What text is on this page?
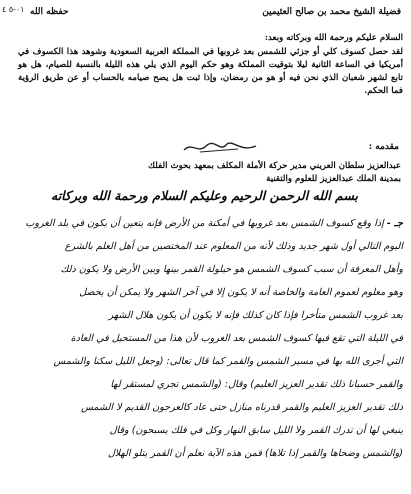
فضيلة الشيخ محمد بن صالح العثيمين
حفظه الله
٠١-٥ ٤

السلام عليكم ورحمة الله وبركاته وبعد:

لقد حصل كسوف كلي أو جزئي للشمس بعد غروبها في المملكة العربية السعودية وشوهد هذا الكسوف في أمريكيا في الساعة الثانية ليلا بتوقيت المملكة وهو حكم اليوم الذي يلي هذه الليلة بالنسبة للصيام، هل هو تابع لشهر شعبان الذي نحن فيه أو هو من رمضان، وإذا ثبت هل يصح صيامه بالحساب أو عن طريق الرؤية فما الحكم.

مقدمه :

عبدالعزيز سلطان العريني مدير حركة الأملة المكلف بمعهد بحوث الفلك

بمدينة الملك عبدالعزيز للعلوم والتقنية

بسم الله الرحمن الرحيم وعليكم السلام ورحمة الله وبركاته

جـ - إذا وقع كسوف الشمس بعد غروبها في أمكنة من الأرض فإنه يتعين أن يكون في بلد الغروب

اليوم التالي أول شهر جديد وذلك لأنه من المعلوم عند المختصين من أهل العلم بالشرع

وأهل المعرفة أن سبب كسوف الشمس هو حيلولة القمر بينها وبين الأرض ولا يكون ذلك

وهو معلوم لعموم العامة والخاصة أنه لا يكون إلا في آخر الشهر ولا يمكن أن يحصل

بعد غروب الشمس متأخرا فإذا كان كذلك فإنه لا يكون أن يكون هلال الشهر

في الليلة التي تقع فيها كسوف الشمس بعد الغروب لأن هذا من المستحيل في العادة

التي أجرى الله بها في مسير الشمس والقمر كما قال تعالى: (وجعل الليل سكنا والشمس

والقمر حسبانا ذلك تقدير العزيز العليم) وقال: (والشمس تجري لمستقر لها

ذلك تقدير العزيز العليم والقمر قدرناه منازل حتى عاد كالعرجون القديم لا الشمس

ينبغي لها أن تدرك القمر ولا الليل سابق النهار وكل في فلك يسبحون) وقال

(والشمس وضحاها والقمر إذا تلاها) فمن هذه الآية نعلم أن القمر يتلو الهلال
